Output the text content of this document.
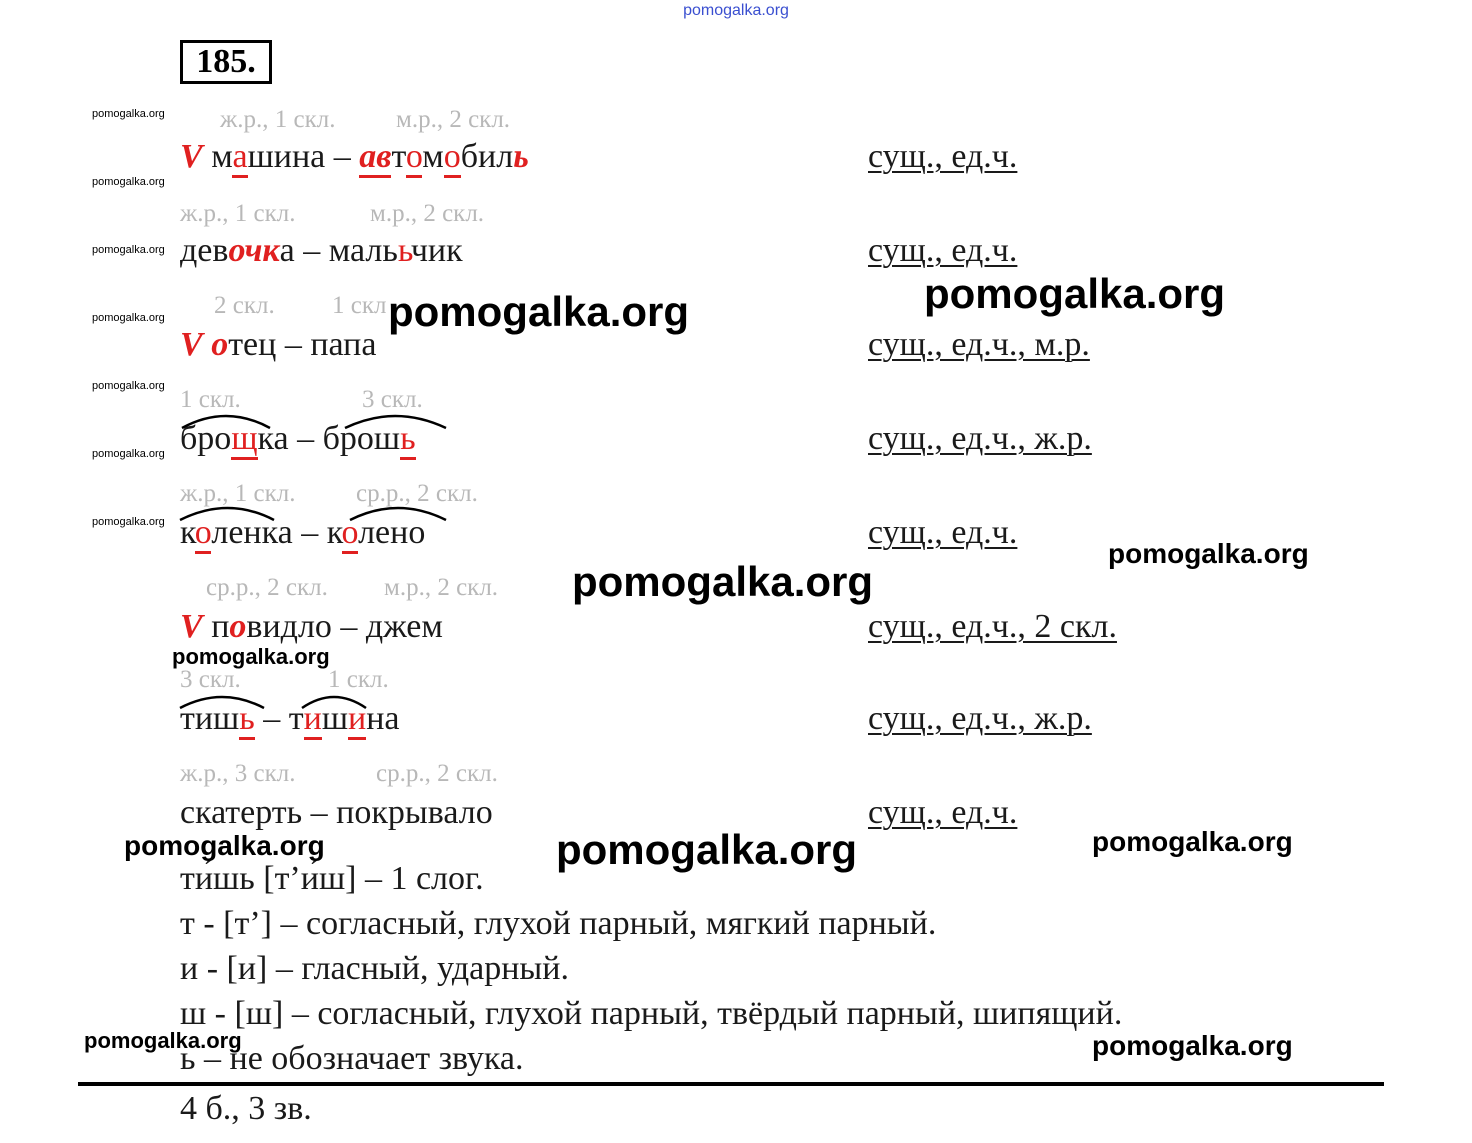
pomogalka.org
185.
pomogalka.org
pomogalka.org
pomogalka.org
pomogalka.org
pomogalka.org
pomogalka.org
pomogalka.org
ж.р., 1 скл. м.р., 2 скл.
V машина – автомобиль	сущ., ед.ч.
ж.р., 1 скл.	м.р., 2 скл.
девочка – малььчик	сущ., ед.ч.
2 скл. 1 скл
V отец – папа	сущ., ед.ч., м.р.
1 скл.	3 скл.
брощка – брошь	сущ., ед.ч., ж.р.
ж.р., 1 скл. ср.р., 2 скл.
коленка – колено	сущ., ед.ч.
ср.р., 2 скл. м.р., 2 скл.
V повидло – джем	сущ., ед.ч., 2 скл.
3 скл.	1 скл.
тишь – тишина	сущ., ед.ч., ж.р.
ж.р., 3 скл.	ср.р., 2 скл.
скатерть – покрывало	сущ., ед.ч.
ти́шь [т’и́ш] – 1 слог.
т - [т’] – согласный, глухой парный, мягкий парный.
и - [и] – гласный, ударный.
ш - [ш] – согласный, глухой парный, твёрдый парный, шипящий.
ь – не обозначает звука.
4 б., 3 зв.
pomogalka.org	pomogalka.org
pomogalka.org
pomogalka.org
pomogalka.org
pomogalka.org	pomogalka.org	pomogalka.org
pomogalka.org	pomogalka.org
